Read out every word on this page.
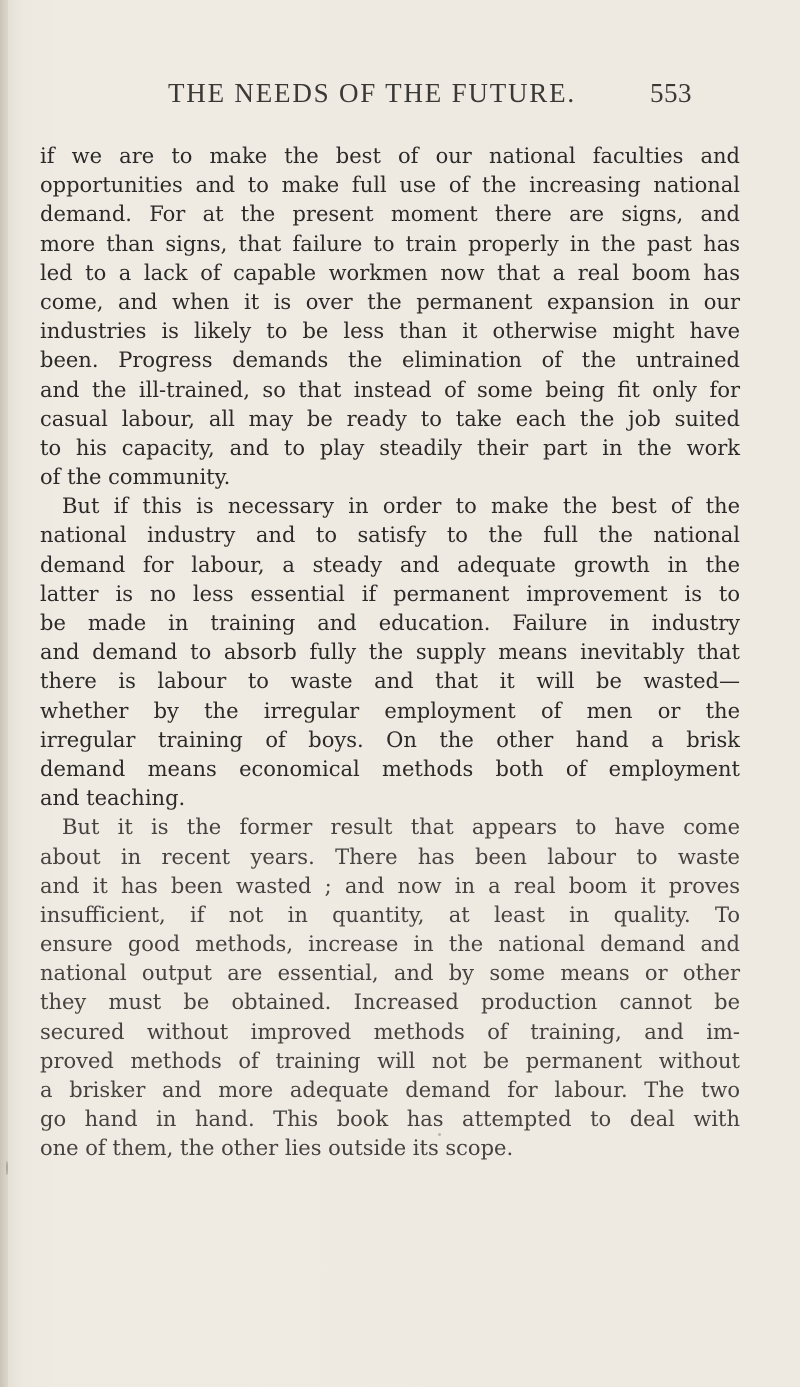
THE NEEDS OF THE FUTURE.	553
if we are to make the best of our national faculties and
opportunities and to make full use of the increasing national
demand. For at the present moment there are signs, and
more than signs, that failure to train properly in the past has
led to a lack of capable workmen now that a real boom has
come, and when it is over the permanent expansion in our
industries is likely to be less than it otherwise might have
been. Progress demands the elimination of the untrained
and the ill-trained, so that instead of some being fit only for
casual labour, all may be ready to take each the job suited
to his capacity, and to play steadily their part in the work
of the community.
But if this is necessary in order to make the best of the
national industry and to satisfy to the full the national
demand for labour, a steady and adequate growth in the
latter is no less essential if permanent improvement is to
be made in training and education. Failure in industry
and demand to absorb fully the supply means inevitably that
there is labour to waste and that it will be wasted—
whether by the irregular employment of men or the
irregular training of boys. On the other hand a brisk
demand means economical methods both of employment
and teaching.
But it is the former result that appears to have come
about in recent years. There has been labour to waste
and it has been wasted ; and now in a real boom it proves
insufficient, if not in quantity, at least in quality. To
ensure good methods, increase in the national demand and
national output are essential, and by some means or other
they must be obtained. Increased production cannot be
secured without improved methods of training, and im-
proved methods of training will not be permanent without
a brisker and more adequate demand for labour. The two
go hand in hand. This book has attempted to deal with
one of them, the other lies outside its scope.
